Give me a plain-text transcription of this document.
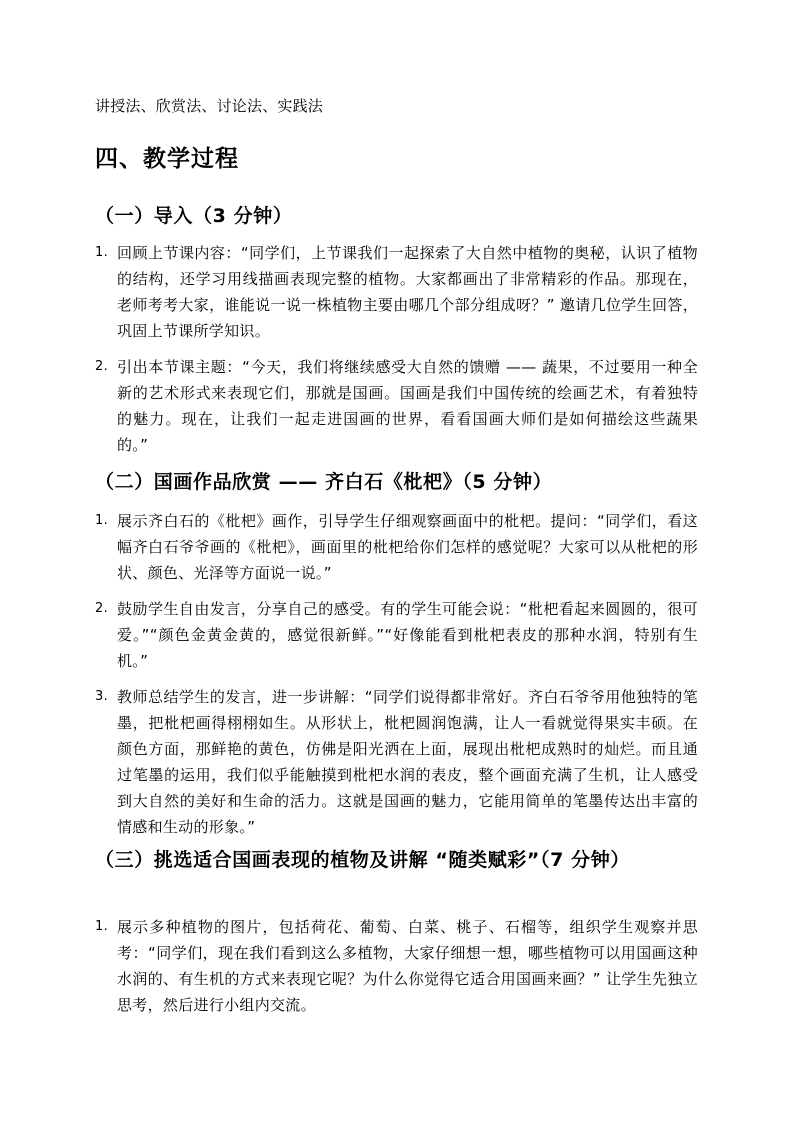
讲授法、欣赏法、讨论法、实践法
四、教学过程
（一）导入（3 分钟）
1. 回顾上节课内容：“同学们，上节课我们一起探索了大自然中植物的奥秘，认识了植物的结构，还学习用线描画表现完整的植物。大家都画出了非常精彩的作品。那现在，老师考考大家，谁能说一说一株植物主要由哪几个部分组成呀？” 邀请几位学生回答，巩固上节课所学知识。
2. 引出本节课主题：“今天，我们将继续感受大自然的馈赠 —— 蔬果，不过要用一种全新的艺术形式来表现它们，那就是国画。国画是我们中国传统的绘画艺术，有着独特的魅力。现在，让我们一起走进国画的世界，看看国画大师们是如何描绘这些蔬果的。”
（二）国画作品欣赏 —— 齐白石《枇杷》（5 分钟）
1. 展示齐白石的《枇杷》画作，引导学生仔细观察画面中的枇杷。提问：“同学们，看这幅齐白石爷爷画的《枇杷》，画面里的枇杷给你们怎样的感觉呢？大家可以从枇杷的形状、颜色、光泽等方面说一说。”
2. 鼓励学生自由发言，分享自己的感受。有的学生可能会说：“枇杷看起来圆圆的，很可爱。”“颜色金黄金黄的，感觉很新鲜。”“好像能看到枇杷表皮的那种水润，特别有生机。”
3. 教师总结学生的发言，进一步讲解：“同学们说得都非常好。齐白石爷爷用他独特的笔墨，把枇杷画得栩栩如生。从形状上，枇杷圆润饱满，让人一看就觉得果实丰硕。在颜色方面，那鲜艳的黄色，仿佛是阳光洒在上面，展现出枇杷成熟时的灿烂。而且通过笔墨的运用，我们似乎能触摸到枇杷水润的表皮，整个画面充满了生机，让人感受到大自然的美好和生命的活力。这就是国画的魅力，它能用简单的笔墨传达出丰富的情感和生动的形象。”
（三）挑选适合国画表现的植物及讲解 “随类赋彩”（7 分钟）
1. 展示多种植物的图片，包括荷花、葡萄、白菜、桃子、石榴等，组织学生观察并思考：“同学们，现在我们看到这么多植物，大家仔细想一想，哪些植物可以用国画这种水润的、有生机的方式来表现它呢？为什么你觉得它适合用国画来画？” 让学生先独立思考，然后进行小组内交流。
